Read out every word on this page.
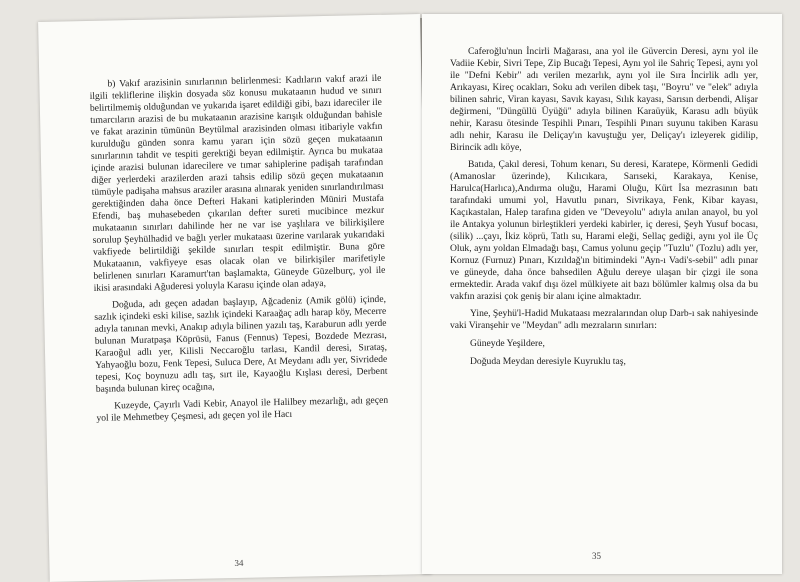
b) Vakıf arazisinin sınırlarının belirlenmesi: Kadıların vakıf arazi ile ilgili tekliflerine ilişkin dosyada söz konusu mukataanın hudud ve sınırı belirtilmemiş olduğundan ve yukarıda işaret edildiği gibi, bazı idareciler ile tımarcıların arazisi de bu mukataanın arazisine karışık olduğundan bahisle ve fakat arazinin tümünün Beytülmal arazisinden olması itibariyle vakfın kurulduğu günden sonra kamu yararı için sözü geçen mukataanın sınırlarının tahdit ve tespiti gerektiği beyan edilmiştir. Ayrıca bu mukataa içinde arazisi bulunan idarecilere ve tımar sahiplerine padişah tarafından diğer yerlerdeki arazilerden arazi tahsis edilip sözü geçen mukataanın tümüyle padişaha mahsus araziler arasına alınarak yeniden sınırlandırılması gerektiğinden daha önce Defteri Hakani katiplerinden Müniri Mustafa Efendi, baş muhasebeden çıkarılan defter sureti mucibince mezkur mukataanın sınırları dahilinde her ne var ise yaşlılara ve bilirkişilere sorulup Şeyhülhadid ve bağlı yerler mukataası üzerine varılarak yukarıdaki vakfiyede belirtildiği şekilde sınırları tespit edilmiştir. Buna göre Mukataanın, vakfiyeye esas olacak olan ve bilirkişiler marifetiyle belirlenen sınırları Karamurt'tan başlamakta, Güneyde Güzelburç, yol ile ikisi arasındaki Ağuderesi yoluyla Karasu içinde olan adaya,

Doğuda, adı geçen adadan başlayıp, Ağcadeniz (Amik gölü) içinde, sazlık içindeki eski kilise, sazlık içindeki Karaağaç adlı harap köy, Mecerre adıyla tanınan mevki, Anakıp adıyla bilinen yazılı taş, Karaburun adlı yerde bulunan Muratpaşa Köprüsü, Fanus (Fennus) Tepesi, Bozdede Mezrası, Karaoğul adlı yer, Kilisli Neccaroğlu tarlası, Kandil deresi, Sırataş, Yahyaoğlu bozu, Fenk Tepesi, Suluca Dere, At Meydanı adlı yer, Sivridede tepesi, Koç boynuzu adlı taş, sırt ile, Kayaoğlu Kışlası deresi, Derbent başında bulunan kireç ocağına,

Kuzeyde, Çayırlı Vadi Kebir, Anayol ile Halilbey mezarlığı, adı geçen yol ile Mehmetbey Çeşmesi, adı geçen yol ile Hacı

34

Caferoğlu'nun İncirli Mağarası, ana yol ile Güvercin Deresi, aynı yol ile Vadiie Kebir, Sivri Tepe, Zip Bucağı Tepesi, Aynı yol ile Sahriç Tepesi, aynı yol ile "Defni Kebir" adı verilen mezarlık, aynı yol ile Sıra İncirlik adlı yer, Arıkayası, Kireç ocakları, Soku adı verilen dibek taşı, "Boyru" ve "elek" adıyla bilinen sahric, Viran kayası, Savık kayası, Sılık kayası, Sarısın derbendi, Alişar değirmeni, "Düngüllü Üyüğü" adıyla bilinen Karaüyük, Karasu adlı büyük nehir, Karasu ötesinde Tespihli Pınarı, Tespihli Pınarı suyunu takiben Karasu adlı nehir, Karasu ile Deliçay'ın kavuştuğu yer, Deliçay'ı izleyerek gidilip, Birincik adlı köye,

Batıda, Çakıl deresi, Tohum kenarı, Su deresi, Karatepe, Körmenli Gedidi (Amanoslar üzerinde), Kılıcıkara, Sarıseki, Karakaya, Kenise, Harulca(Harlıca),Andırma oluğu, Harami Oluğu, Kürt İsa mezrasının batı tarafındaki umumi yol, Havutlu pınarı, Sivrikaya, Fenk, Kibar kayası, Kaçıkastalan, Halep tarafına giden ve "Deveyolu" adıyla anılan anayol, bu yol ile Antakya yolunun birleştikleri yerdeki kabirler, iç deresi, Şeyh Yusuf bocası, (silik) ...çayı, İkiz köprü, Tatlı su, Harami eleği, Sellaç gediği, aynı yol ile Üç Oluk, aynı yoldan Elmadağı başı, Camus yolunu geçip "Tuzlu" (Tozlu) adlı yer, Kornuz (Furnuz) Pınarı, Kızıldağ'ın bitimindeki "Ayn-ı Vadi's-sebil" adlı pınar ve güneyde, daha önce bahsedilen Ağulu dereye ulaşan bir çizgi ile sona ermektedir. Arada vakıf dışı özel mülkiyete ait bazı bölümler kalmış olsa da bu vakfın arazisi çok geniş bir alanı içine almaktadır.

Yine, Şeyhü'l-Hadid Mukataası mezralarından olup Darb-ı sak nahiyesinde vaki Viranşehir ve "Meydan" adlı mezraların sınırları:

Güneyde Yeşildere,

Doğuda Meydan deresiyle Kuyruklu taş,

35
